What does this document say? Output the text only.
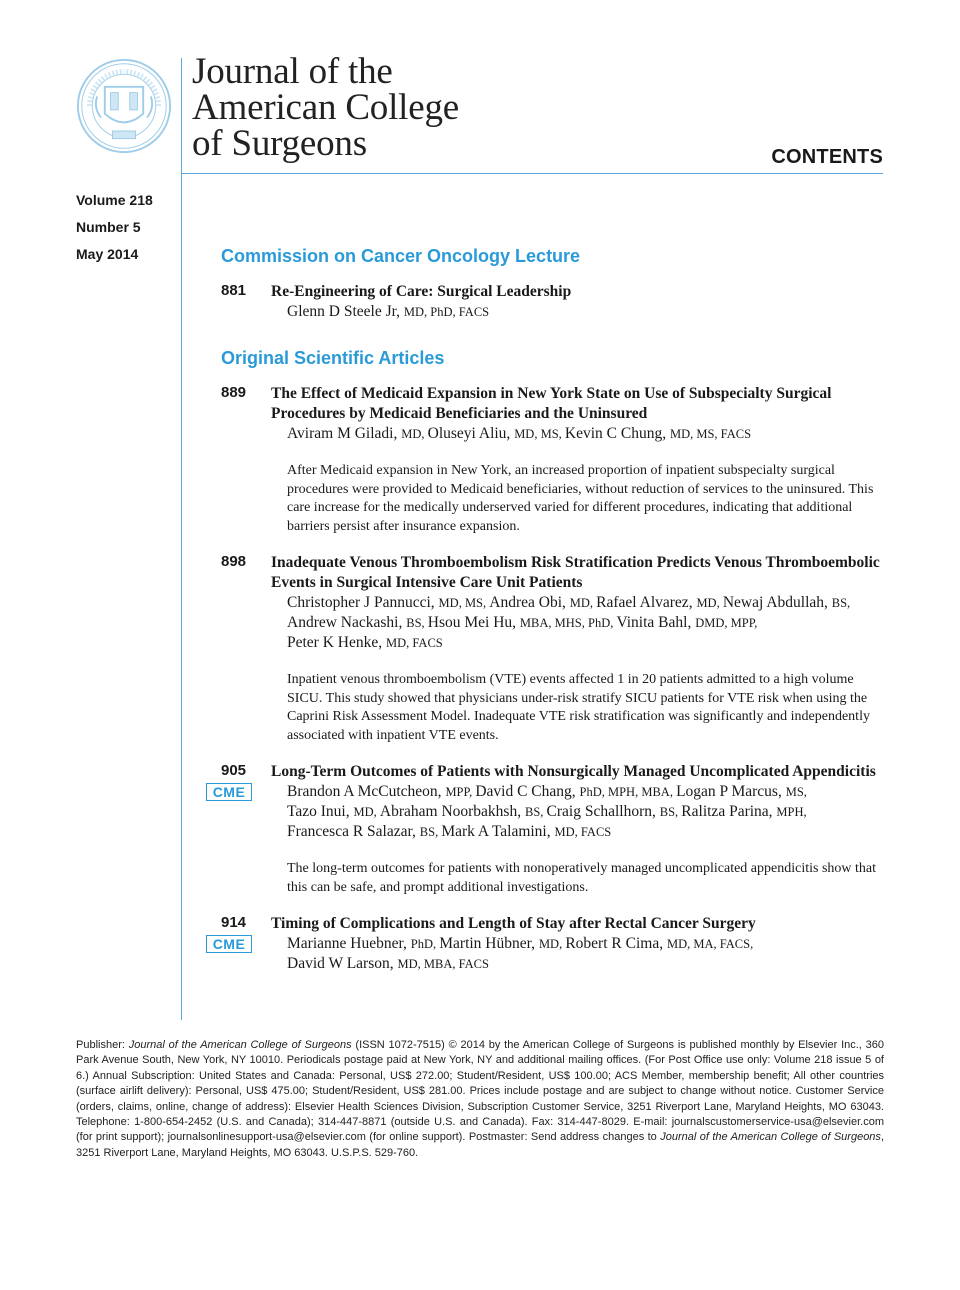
Journal of the
American College
of Surgeons	CONTENTS
Volume 218
Number 5
May 2014	Commission on Cancer Oncology Lecture
Original Scientific Articles
881 Re-Engineering of Care: Surgical Leadership
Glenn D Steele Jr, MD, PhD, FACS
889 The Effect of Medicaid Expansion in New York State on Use of Subspecialty Surgical
Procedures by Medicaid Beneficiaries and the Uninsured
Aviram M Giladi, MD, Oluseyi Aliu, MD, MS, Kevin C Chung, MD, MS, FACS
After Medicaid expansion in New York, an increased proportion of inpatient subspecialty surgical procedures were provided to Medicaid beneficiaries, without reduction of services to the uninsured. This care increase for the medically underserved varied for different procedures, indicating that additional barriers persist after insurance expansion.
898 Inadequate Venous Thromboembolism Risk Stratification Predicts Venous Thromboembolic
Events in Surgical Intensive Care Unit Patients
Christopher J Pannucci, MD, MS, Andrea Obi, MD, Rafael Alvarez, MD, Newaj Abdullah, BS,
Andrew Nackashi, BS, Hsou Mei Hu, MBA, MHS, PhD, Vinita Bahl, DMD, MPP,
Peter K Henke, MD, FACS
Inpatient venous thromboembolism (VTE) events affected 1 in 20 patients admitted to a high volume SICU. This study showed that physicians under-risk stratify SICU patients for VTE risk when using the Caprini Risk Assessment Model. Inadequate VTE risk stratification was significantly and independently associated with inpatient VTE events.
905
CME
Long-Term Outcomes of Patients with Nonsurgically Managed Uncomplicated Appendicitis
Brandon A McCutcheon, MPP, David C Chang, PhD, MPH, MBA, Logan P Marcus, MS,
Tazo Inui, MD, Abraham Noorbakhsh, BS, Craig Schallhorn, BS, Ralitza Parina, MPH,
Francesca R Salazar, BS, Mark A Talamini, MD, FACS
The long-term outcomes for patients with nonoperatively managed uncomplicated appendicitis show that this can be safe, and prompt additional investigations.
914
CME
Timing of Complications and Length of Stay after Rectal Cancer Surgery
Marianne Huebner, PhD, Martin Hübner, MD, Robert R Cima, MD, MA, FACS,
David W Larson, MD, MBA, FACS
Publisher: Journal of the American College of Surgeons (ISSN 1072-7515) © 2014 by the American College of Surgeons is published monthly by Elsevier Inc., 360 Park Avenue South, New York, NY 10010. Periodicals postage paid at New York, NY and additional mailing offices. (For Post Office use only: Volume 218 issue 5 of 6.) Annual Subscription: United States and Canada: Personal, US$ 272.00; Student/Resident, US$ 100.00; ACS Member, membership benefit; All other countries (surface airlift delivery): Personal, US$ 475.00; Student/Resident, US$ 281.00. Prices include postage and are subject to change without notice. Customer Service (orders, claims, online, change of address): Elsevier Health Sciences Division, Subscription Customer Service, 3251 Riverport Lane, Maryland Heights, MO 63043. Telephone: 1-800-654-2452 (U.S. and Canada); 314-447-8871 (outside U.S. and Canada). Fax: 314-447-8029. E-mail: journalscustomerservice-usa@elsevier.com (for print support); journalsonlinesupport-usa@elsevier.com (for online support). Postmaster: Send address changes to Journal of the American College of Surgeons, 3251 Riverport Lane, Maryland Heights, MO 63043. U.S.P.S. 529-760.
